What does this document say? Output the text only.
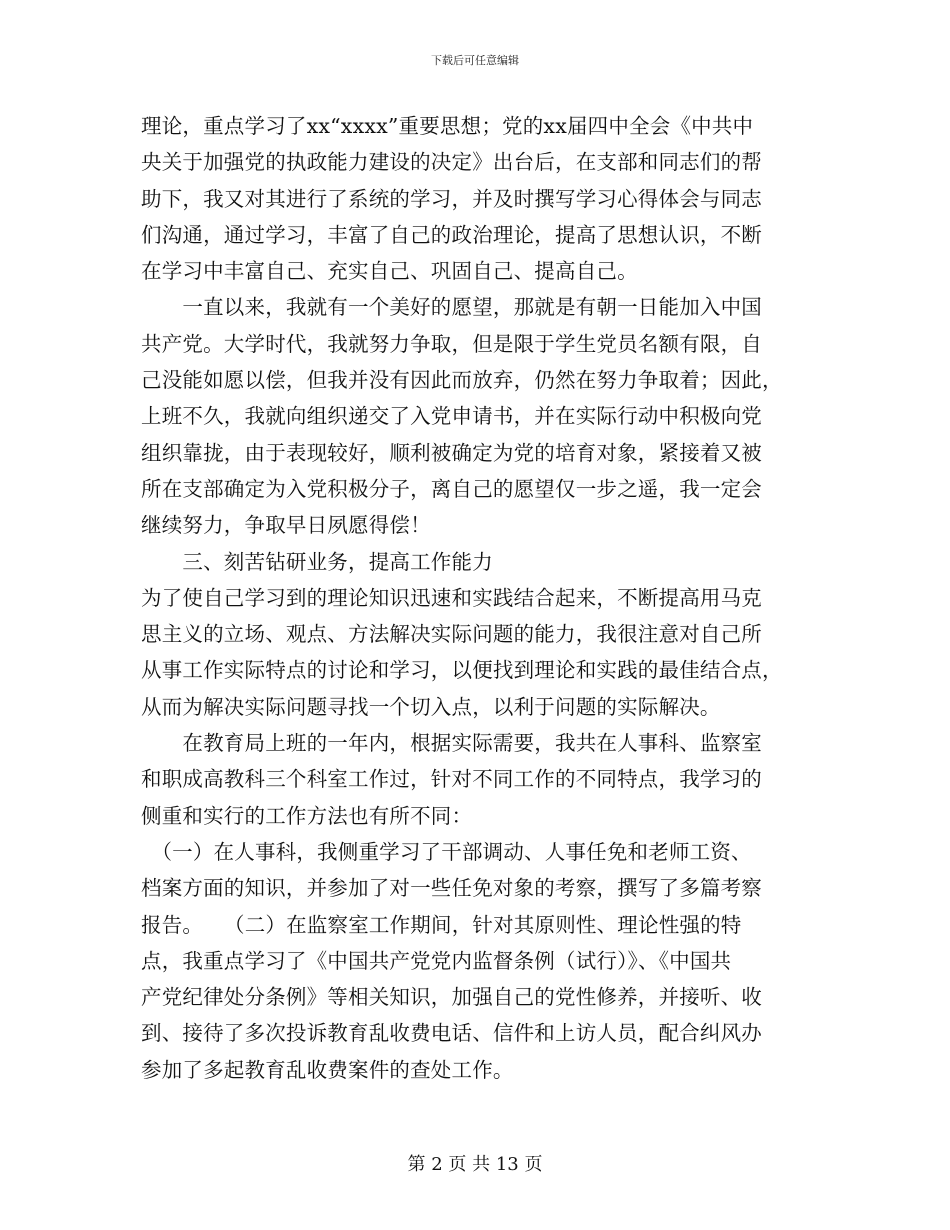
下载后可任意编辑
理论，重点学习了xx“xxxx”重要思想；党的xx届四中全会《中共中
央关于加强党的执政能力建设的决定》出台后，在支部和同志们的帮
助下，我又对其进行了系统的学习，并及时撰写学习心得体会与同志
们沟通，通过学习，丰富了自己的政治理论，提高了思想认识，不断
在学习中丰富自己、充实自己、巩固自己、提高自己。
　　一直以来，我就有一个美好的愿望，那就是有朝一日能加入中国
共产党。大学时代，我就努力争取，但是限于学生党员名额有限，自
己没能如愿以偿，但我并没有因此而放弃，仍然在努力争取着；因此，
上班不久，我就向组织递交了入党申请书，并在实际行动中积极向党
组织靠拢，由于表现较好，顺利被确定为党的培育对象，紧接着又被
所在支部确定为入党积极分子，离自己的愿望仅一步之遥，我一定会
继续努力，争取早日夙愿得偿！
　　三、刻苦钻研业务，提高工作能力
为了使自己学习到的理论知识迅速和实践结合起来，不断提高用马克
思主义的立场、观点、方法解决实际问题的能力，我很注意对自己所
从事工作实际特点的讨论和学习，以便找到理论和实践的最佳结合点，
从而为解决实际问题寻找一个切入点，以利于问题的实际解决。
　　在教育局上班的一年内，根据实际需要，我共在人事科、监察室
和职成高教科三个科室工作过，针对不同工作的不同特点，我学习的
侧重和实行的工作方法也有所不同：
　（一）在人事科，我侧重学习了干部调动、人事任免和老师工资、
档案方面的知识，并参加了对一些任免对象的考察，撰写了多篇考察
报告。　　（二）在监察室工作期间，针对其原则性、理论性强的特
点，我重点学习了《中国共产党党内监督条例（试行）》、《中国共
产党纪律处分条例》等相关知识，加强自己的党性修养，并接听、收
到、接待了多次投诉教育乱收费电话、信件和上访人员，配合纠风办
参加了多起教育乱收费案件的查处工作。
第 2 页 共 13 页
